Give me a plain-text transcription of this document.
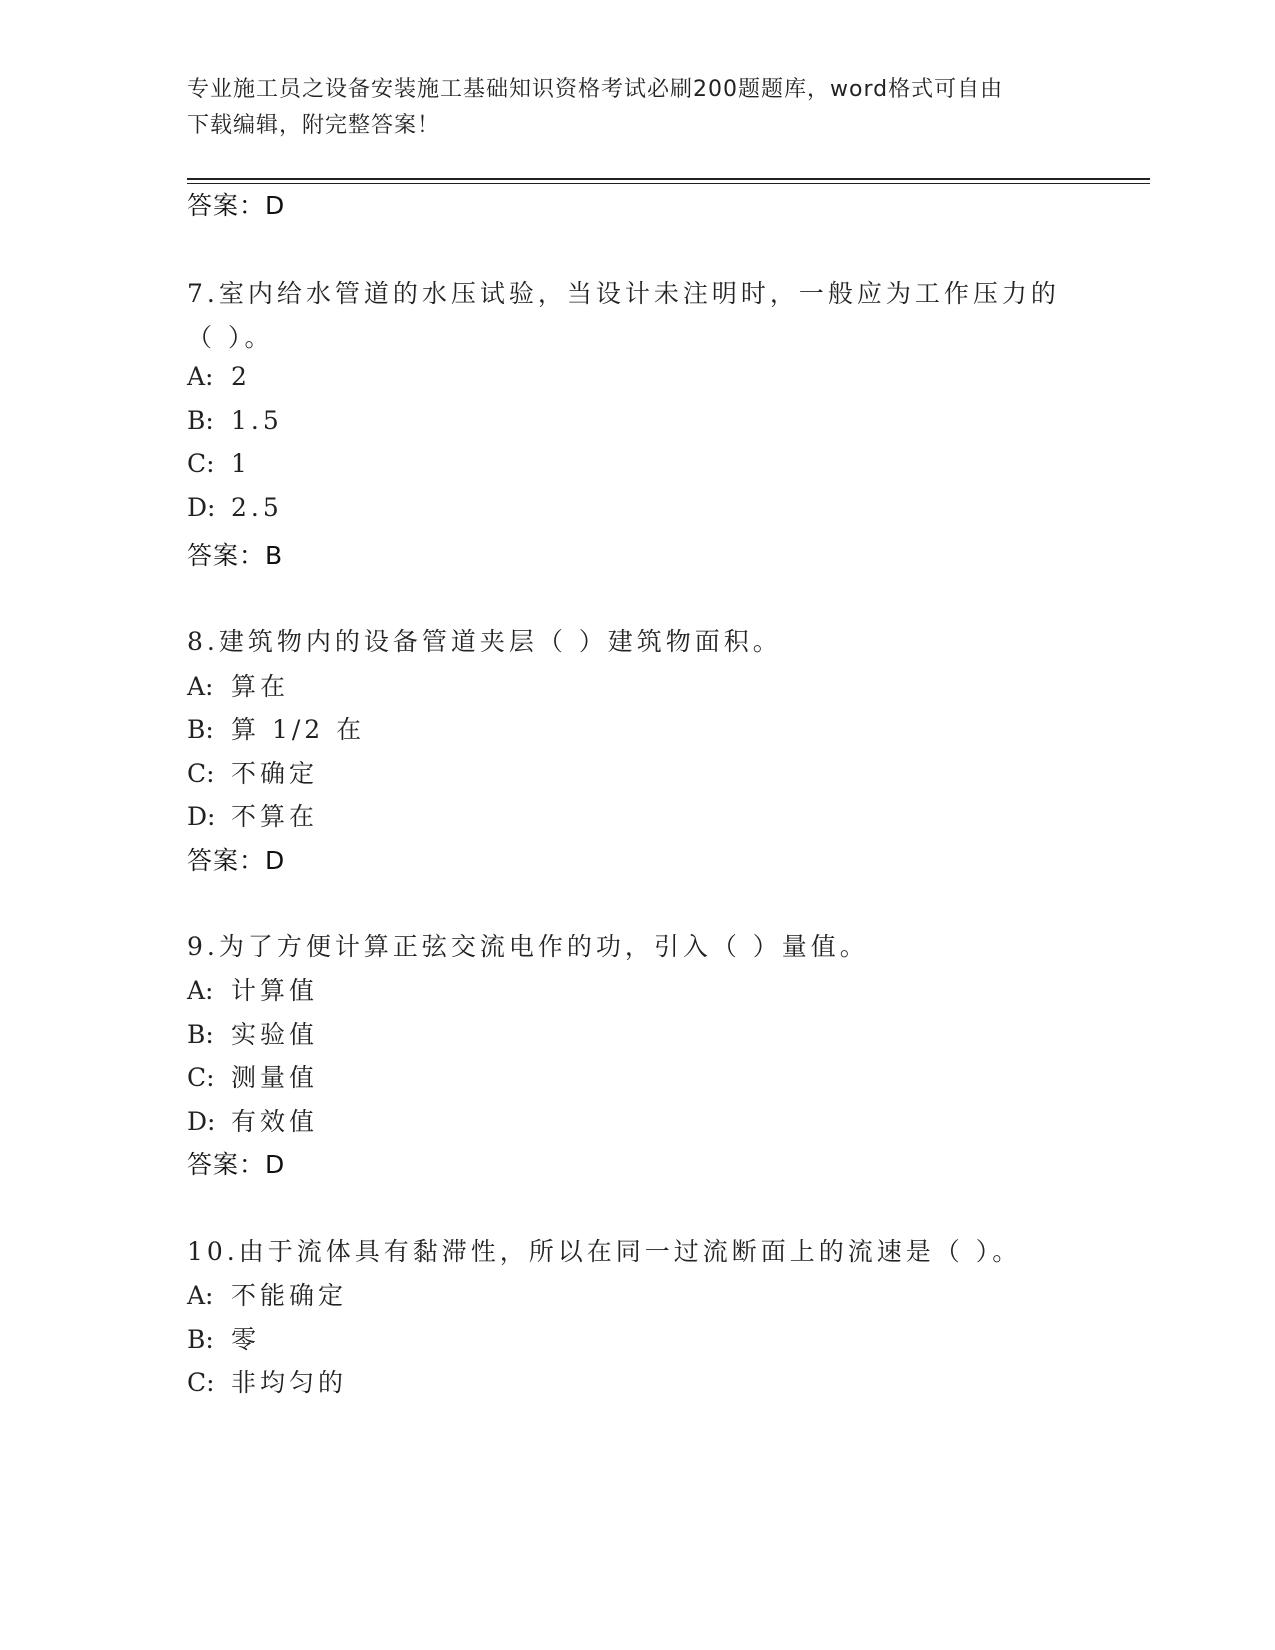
专业施工员之设备安装施工基础知识资格考试必刷200题题库，word格式可自由
下载编辑，附完整答案！
答案：D
7.室内给水管道的水压试验，当设计未注明时，一般应为工作压力的
（ ）。
A: 2
B: 1.5
C: 1
D: 2.5
答案：B
8.建筑物内的设备管道夹层（ ）建筑物面积。
A: 算在
B: 算 1/2 在
C: 不确定
D: 不算在
答案：D
9.为了方便计算正弦交流电作的功，引入（ ）量值。
A: 计算值
B: 实验值
C: 测量值
D: 有效值
答案：D
10.由于流体具有黏滞性，所以在同一过流断面上的流速是（ ）。
A: 不能确定
B: 零
C: 非均匀的
